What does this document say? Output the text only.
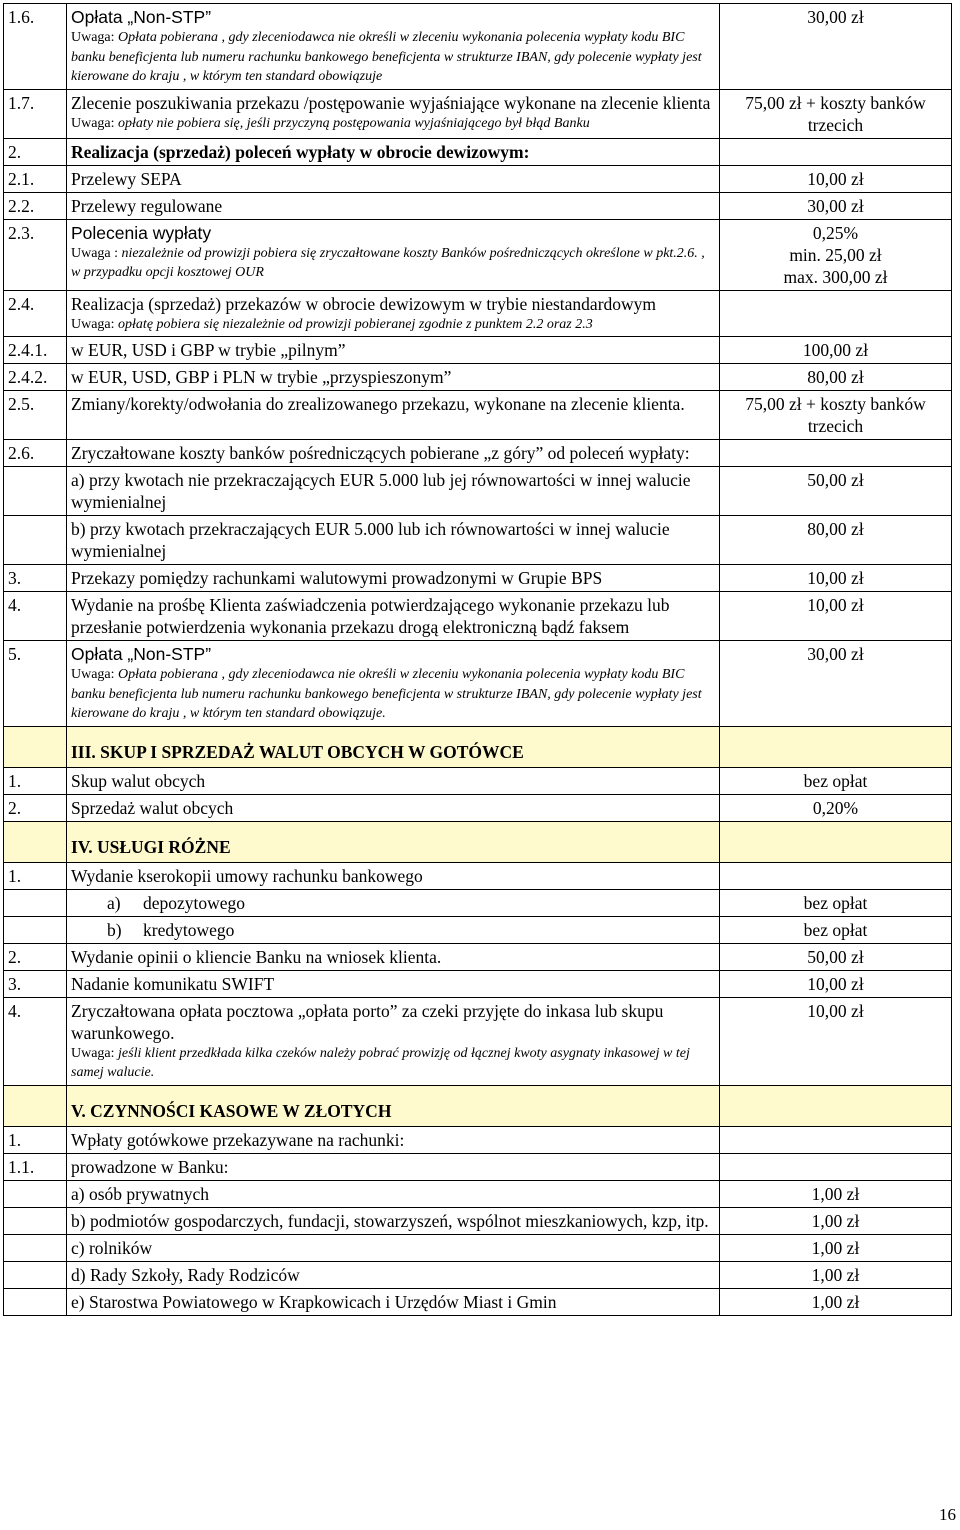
1.6.	Opłata „Non-STP”
Uwaga: Opłata pobierana , gdy zleceniodawca nie określi w zleceniu wykonania polecenia wypłaty kodu BIC banku beneficjenta lub numeru rachunku bankowego beneficjenta w strukturze IBAN, gdy polecenie wypłaty jest kierowane do kraju , w którym ten standard obowiązuje	30,00 zł
1.7.	Zlecenie poszukiwania przekazu /postępowanie wyjaśniające wykonane na zlecenie klienta
Uwaga: opłaty nie pobiera się, jeśli przyczyną postępowania wyjaśniającego był błąd Banku	75,00 zł + koszty banków trzecich
2.	Realizacja (sprzedaż) poleceń wypłaty w obrocie dewizowym:	
2.1.	Przelewy SEPA	10,00 zł
2.2.	Przelewy regulowane	30,00 zł
2.3.	Polecenia wypłaty
Uwaga : niezależnie od prowizji pobiera się zryczałtowane koszty Banków pośredniczących określone w pkt.2.6. , w przypadku opcji kosztowej OUR	0,25%
min. 25,00 zł
max. 300,00 zł
2.4.	Realizacja (sprzedaż) przekazów w obrocie dewizowym w trybie niestandardowym
Uwaga: opłatę pobiera się niezależnie od prowizji pobieranej zgodnie z punktem 2.2 oraz 2.3	

2.4.1.	w EUR, USD i GBP w trybie „pilnym”	100,00 zł
2.4.2.	w EUR, USD, GBP i PLN w trybie „przyspieszonym”	80,00 zł
2.5.	Zmiany/korekty/odwołania do zrealizowanego przekazu, wykonane na zlecenie klienta.	75,00 zł + koszty banków trzecich
2.6.	Zryczałtowane koszty banków pośredniczących pobierane „z góry” od poleceń wypłaty:	
	a) przy kwotach nie przekraczających EUR 5.000 lub jej równowartości w innej walucie wymienialnej	50,00 zł
	b) przy kwotach przekraczających EUR 5.000 lub ich równowartości w innej walucie wymienialnej	80,00 zł
3.	Przekazy pomiędzy rachunkami walutowymi prowadzonymi w Grupie BPS	10,00 zł
4.	Wydanie na prośbę Klienta zaświadczenia potwierdzającego wykonanie przekazu lub przesłanie potwierdzenia wykonania przekazu drogą elektroniczną bądź faksem	10,00 zł
5.	Opłata „Non-STP”
Uwaga: Opłata pobierana , gdy zleceniodawca nie określi w zleceniu wykonania polecenia wypłaty kodu BIC banku beneficjenta lub numeru rachunku bankowego beneficjenta w strukturze IBAN, gdy polecenie wypłaty jest kierowane do kraju , w którym ten standard obowiązuje.	30,00 zł
	III. SKUP I SPRZEDAŻ WALUT OBCYCH W GOTÓWCE	
1.	Skup walut obcych	bez opłat
2.	Sprzedaż walut obcych	0,20%
	IV. USŁUGI RÓŻNE	
1.	Wydanie kserokopii umowy rachunku bankowego	
	a) depozytowego	bez opłat
	b) kredytowego	bez opłat
2.	Wydanie opinii o kliencie Banku na wniosek klienta.	50,00 zł
3.	Nadanie komunikatu SWIFT	10,00 zł
4.	Zryczałtowana opłata pocztowa „opłata porto” za czeki przyjęte do inkasa lub skupu warunkowego.
Uwaga: jeśli klient przedkłada kilka czeków należy pobrać prowizję od łącznej kwoty asygnaty inkasowej w tej samej walucie.	10,00 zł
	V. CZYNNOŚCI KASOWE W ZŁOTYCH	
1.	Wpłaty gotówkowe przekazywane na rachunki:	
1.1.	prowadzone w Banku:	
	a) osób prywatnych	1,00 zł
	b) podmiotów gospodarczych, fundacji, stowarzyszeń, wspólnot mieszkaniowych, kzp, itp.	1,00 zł
	c) rolników	1,00 zł
	d) Rady Szkoły, Rady Rodziców	1,00 zł
	e) Starostwa Powiatowego w Krapkowicach i Urzędów Miast i Gmin	1,00 zł
16
